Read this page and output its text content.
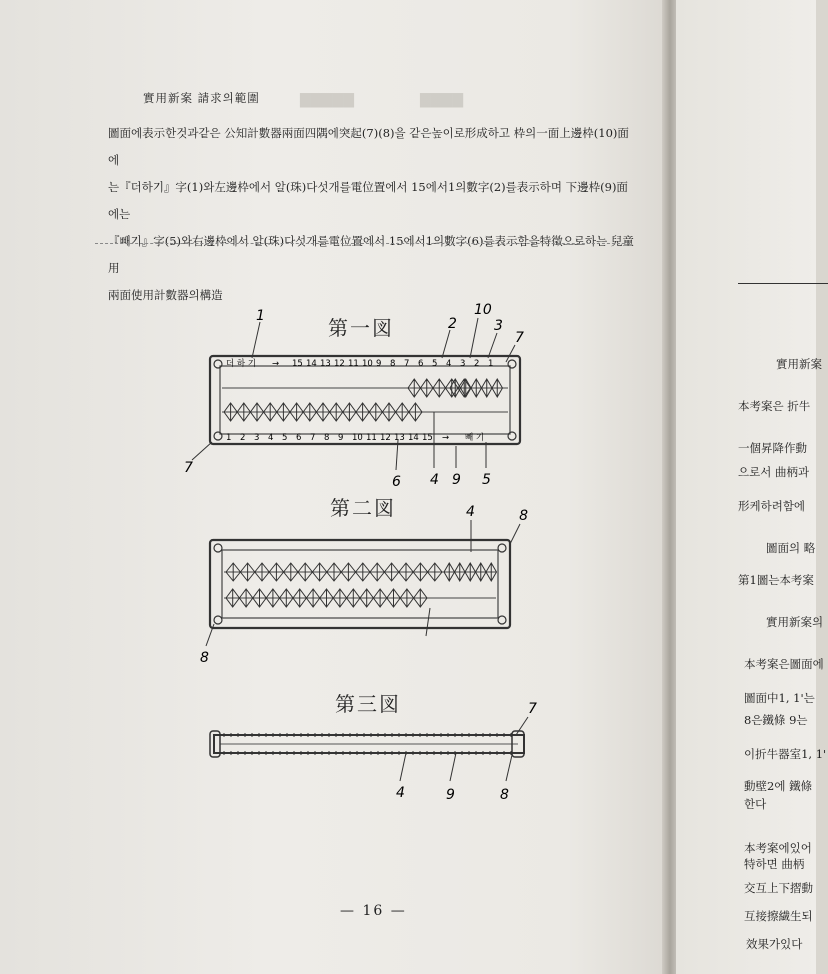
▇▇▇▇▇	▇▇▇▇
實用新案 請求의範圍

圖面에表示한것과같은 公知計數器兩面四隅에突起(7)(8)을 같은높이로形成하고 枠의一面上邊枠(10)面에

는『더하기』字(1)와左邊枠에서 알(珠)다섯개를電位置에서 15에서1의數字(2)를表示하며 下邊枠(9)面에는

『빼기』字(5)와右邊枠에서 알(珠)다섯개를電位置에서 15에서1의數字(6)를表示함을特徵으로하는 兒童用

兩面使用計數器의構造

第一図
1	2
10
3
7
더 하 기 → 15 14 13 12 11 10 9 8 7 6 5 4 3 2 1
1 2 3 4 5 6 7 8 9 10 11 12 13 14 15 → 빼 기
7
6 4 9 5
第二図	4	8
8
第三図	7
4	9	8
— 16 —
實用新案
本考案은 折牛
一個昇降作動
으로서 曲柄과
形케하려함에
圖面의 略
第1圖는本考案
實用新案의
本考案은圖面에
圖面中1, 1'는
8은鐵條 9는
이折牛器室1, 1'
動壁2에 鐵條
한다
本考案에있어
特하면 曲柄
交互上下摺動
互接擦繊生되
效果가있다
